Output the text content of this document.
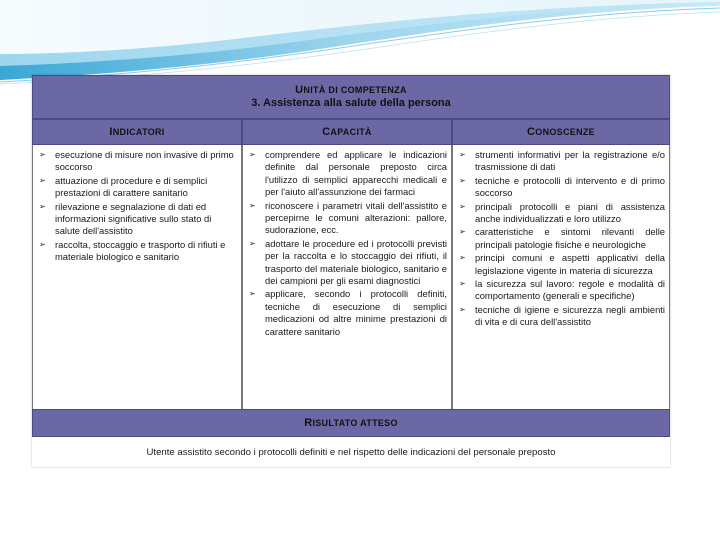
UNITÀ DI COMPETENZA
3. Assistenza alla salute della persona
I NDICATORI	C APACITÀ	C ONOSCENZE
➢ esecuzione di misure non invasive di primo soccorso
➢ attuazione di procedure e di semplici prestazioni di carattere sanitario
➢ rilevazione e segnalazione di dati ed informazioni significative sullo stato di salute dell'assistito
➢ raccolta, stoccaggio e trasporto di rifiuti e materiale biologico e sanitario
➢ comprendere ed applicare le indicazioni definite dal personale preposto circa l'utilizzo di semplici apparecchi medicali e per l'aiuto all'assunzione dei farmaci
➢ riconoscere i parametri vitali dell'assistito e percepirne le comuni alterazioni: pallore, sudorazione, ecc.
➢ adottare le procedure ed i protocolli previsti per la raccolta e lo stoccaggio dei rifiuti, il trasporto del materiale biologico, sanitario e dei campioni per gli esami diagnostici
➢ applicare, secondo i protocolli definiti, tecniche di esecuzione di semplici medicazioni od altre minime prestazioni di carattere sanitario
➢ strumenti informativi per la registrazione e/o trasmissione di dati
➢ tecniche e protocolli di intervento e di primo soccorso
➢ principali protocolli e piani di assistenza anche individualizzati e loro utilizzo
➢ caratteristiche e sintomi rilevanti delle principali patologie fisiche e neurologiche
➢ principi comuni e aspetti applicativi della legislazione vigente in materia di sicurezza
➢ la sicurezza sul lavoro: regole e modalità di comportamento (generali e specifiche)
➢ tecniche di igiene e sicurezza negli ambienti di vita e di cura dell'assistito
R ISULTATO ATTESO
Utente assistito secondo i protocolli definiti e nel rispetto delle indicazioni del personale preposto
